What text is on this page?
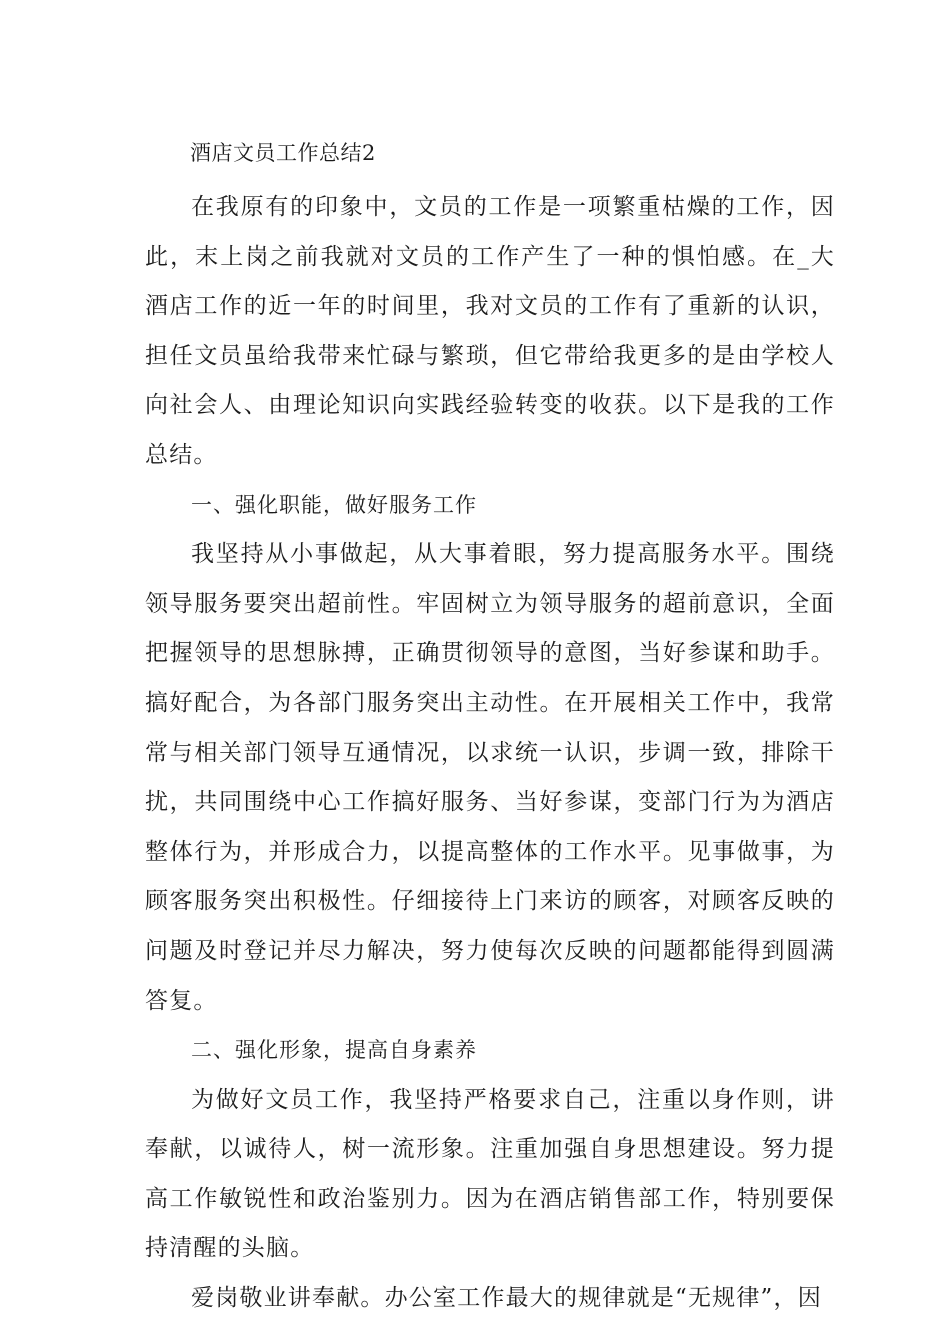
酒店文员工作总结2

在我原有的印象中，文员的工作是一项繁重枯燥的工作，因此，末上岗之前我就对文员的工作产生了一种的惧怕感。在_大酒店工作的近一年的时间里，我对文员的工作有了重新的认识，担任文员虽给我带来忙碌与繁琐，但它带给我更多的是由学校人向社会人、由理论知识向实践经验转变的收获。以下是我的工作总结。

一、强化职能，做好服务工作

我坚持从小事做起，从大事着眼，努力提高服务水平。围绕领导服务要突出超前性。牢固树立为领导服务的超前意识，全面把握领导的思想脉搏，正确贯彻领导的意图，当好参谋和助手。搞好配合，为各部门服务突出主动性。在开展相关工作中，我常常与相关部门领导互通情况，以求统一认识，步调一致，排除干扰，共同围绕中心工作搞好服务、当好参谋，变部门行为为酒店整体行为，并形成合力，以提高整体的工作水平。见事做事，为顾客服务突出积极性。仔细接待上门来访的顾客，对顾客反映的问题及时登记并尽力解决，努力使每次反映的问题都能得到圆满答复。

二、强化形象，提高自身素养

为做好文员工作，我坚持严格要求自己，注重以身作则，讲奉献，以诚待人，树一流形象。注重加强自身思想建设。努力提高工作敏锐性和政治鉴别力。因为在酒店销售部工作，特别要保持清醒的头脑。

爱岗敬业讲奉献。办公室工作最大的规律就是“无规律”，因
